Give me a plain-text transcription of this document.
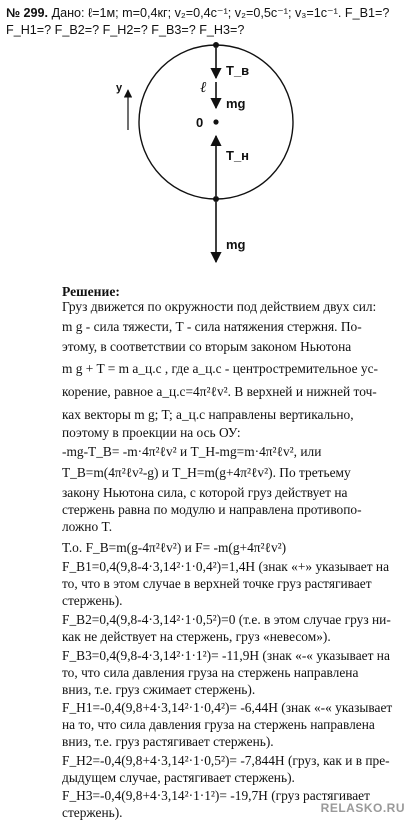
№ 299. Дано: ℓ=1м; m=0,4кг; v₂=0,4с⁻¹; v₂=0,5с⁻¹; v₃=1с⁻¹. F_B1=?
F_H1=? F_B2=? F_H2=? F_B3=? F_H3=?
ℓ
T_в
mg
y
0
T_н
mg
Решение:
Груз движется по окружности под действием двух сил:
m g - сила тяжести, T - сила натяжения стержня. По-
этому, в соответствии со вторым законом Ньютона
m g + T = m a_ц.с , где a_ц.с - центростремительное ус-
корение, равное a_ц.с=4π²ℓv². В верхней и нижней точ-
ках векторы m g; T; a_ц.с направлены вертикально,
поэтому в проекции на ось ОУ:
-mg-T_B= -m·4π²ℓv² и T_H-mg=m·4π²ℓv², или
T_B=m(4π²ℓv²-g) и T_H=m(g+4π²ℓv²). По третьему
закону Ньютона сила, с которой груз действует на
стержень равна по модулю и направлена противопо-
ложно T.
Т.о. F_B=m(g-4π²ℓv²) и F= -m(g+4π²ℓv²)
F_B1=0,4(9,8-4·3,14²·1·0,4²)=1,4Н (знак «+» указывает на
то, что в этом случае в верхней точке груз растягивает
стержень).
F_B2=0,4(9,8-4·3,14²·1·0,5²)=0 (т.е. в этом случае груз ни-
как не действует на стержень, груз «невесом»).
F_B3=0,4(9,8-4·3,14²·1·1²)= -11,9Н (знак «-« указывает на
то, что сила давления груза на стержень направлена
вниз, т.е. груз сжимает стержень).
F_H1=-0,4(9,8+4·3,14²·1·0,4²)= -6,44Н (знак «-« указывает
на то, что сила давления груза на стержень направлена
вниз, т.е. груз растягивает стержень).
F_H2=-0,4(9,8+4·3,14²·1·0,5²)= -7,844Н (груз, как и в пре-
дыдущем случае, растягивает стержень).
F_H3=-0,4(9,8+4·3,14²·1·1²)= -19,7Н (груз растягивает
стержень).	RELASKO.RU
